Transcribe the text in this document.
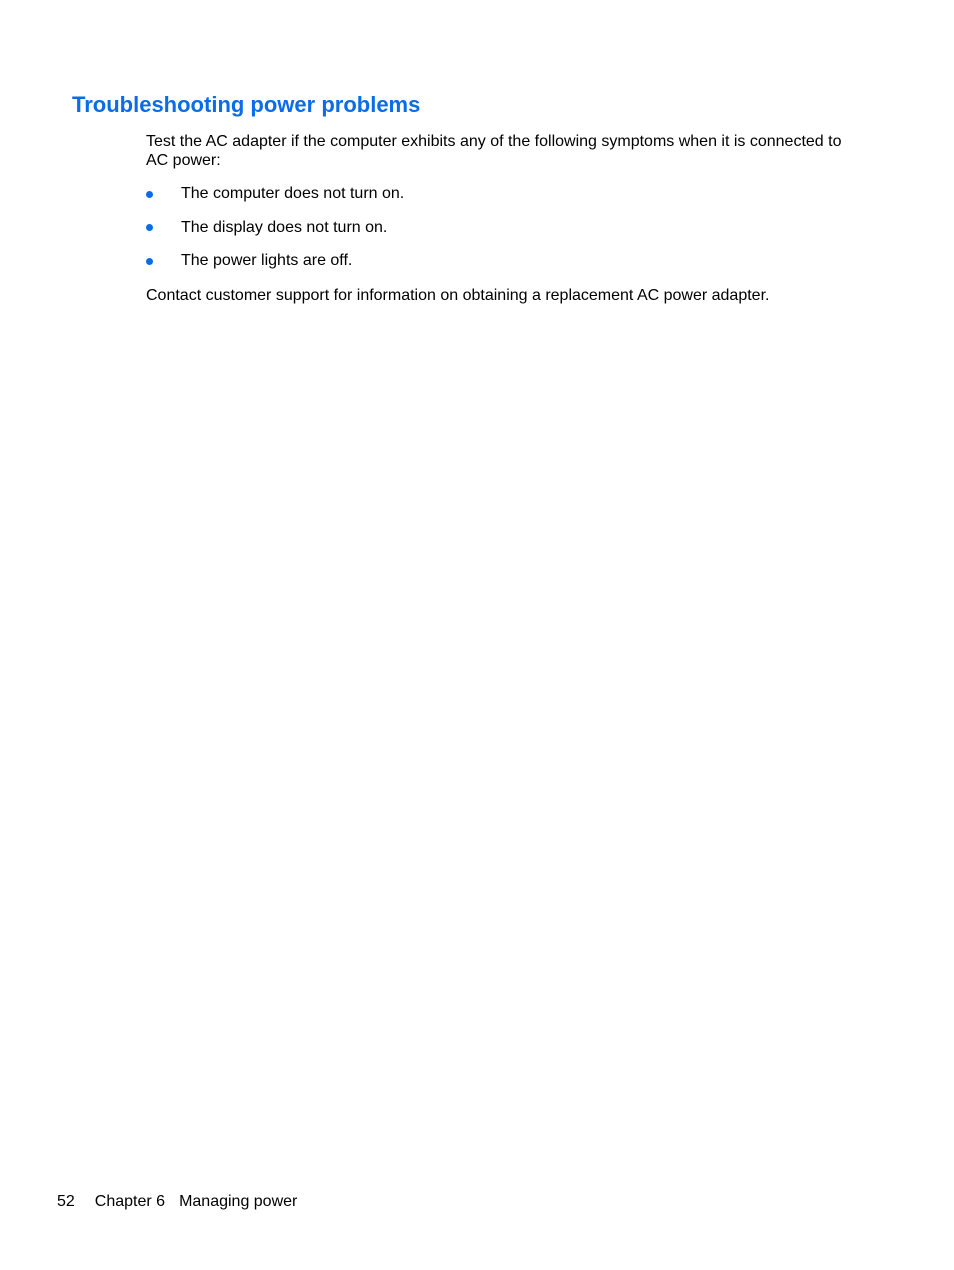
Troubleshooting power problems

Test the AC adapter if the computer exhibits any of the following symptoms when it is connected to AC power:

The computer does not turn on.
The display does not turn on.
The power lights are off.

Contact customer support for information on obtaining a replacement AC power adapter.

52 Chapter 6 Managing power
